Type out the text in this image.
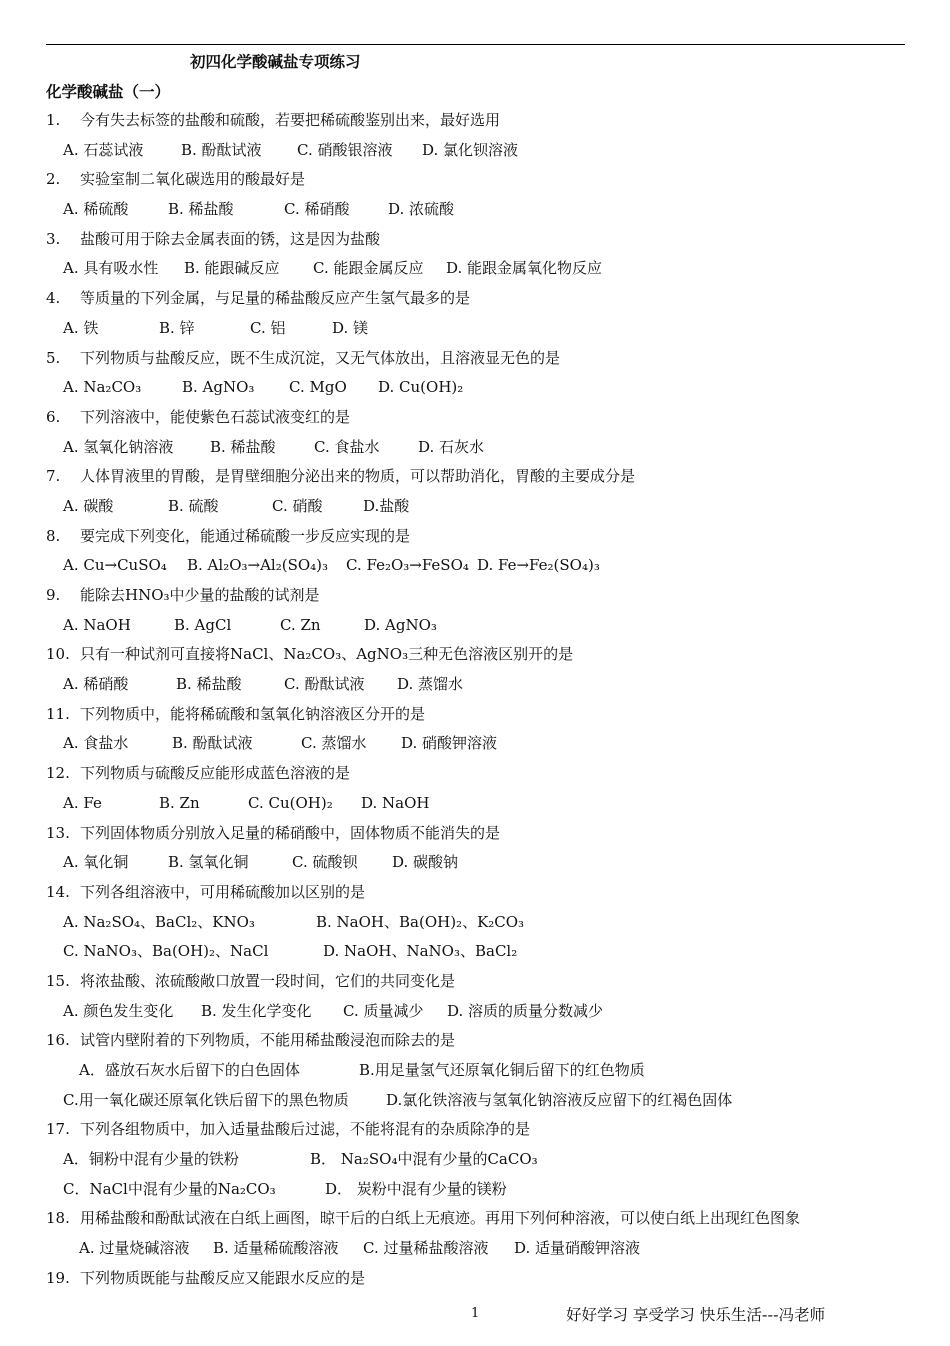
初四化学酸碱盐专项练习
化学酸碱盐（一）
1.	今有失去标签的盐酸和硫酸，若要把稀硫酸鉴别出来，最好选用
A. 石蕊试液	B. 酚酞试液 C. 硝酸银溶液 D. 氯化钡溶液
2.	实验室制二氧化碳选用的酸最好是
A. 稀硫酸	B. 稀盐酸	C. 稀硝酸	D. 浓硫酸
3.	盐酸可用于除去金属表面的锈，这是因为盐酸
A. 具有吸水性 B. 能跟碱反应 C. 能跟金属反应 D. 能跟金属氧化物反应
4.	等质量的下列金属，与足量的稀盐酸反应产生氢气最多的是
A. 铁	B. 锌	C. 铝	D. 镁
5.	下列物质与盐酸反应，既不生成沉淀，又无气体放出，且溶液显无色的是
A. Na₂CO₃	B. AgNO₃ C. MgO D. Cu(OH)₂
6.	下列溶液中，能使紫色石蕊试液变红的是
A. 氢氧化钠溶液 B. 稀盐酸	C. 食盐水	D. 石灰水
7.	人体胃液里的胃酸，是胃壁细胞分泌出来的物质，可以帮助消化，胃酸的主要成分是
A. 碳酸	B. 硫酸	C. 硝酸	D.盐酸
8.	要完成下列变化，能通过稀硫酸一步反应实现的是
A. Cu→CuSO₄ B. Al₂O₃→Al₂(SO₄)₃ C. Fe₂O₃→FeSO₄ D. Fe→Fe₂(SO₄)₃
9.	能除去HNO₃中少量的盐酸的试剂是
A. NaOH	B. AgCl	C. Zn	D. AgNO₃
10. 只有一种试剂可直接将NaCl、Na₂CO₃、AgNO₃三种无色溶液区别开的是
A. 稀硝酸	B. 稀盐酸	C. 酚酞试液 D. 蒸馏水
11. 下列物质中，能将稀硫酸和氢氧化钠溶液区分开的是
A. 食盐水	B. 酚酞试液	C. 蒸馏水 D. 硝酸钾溶液
12. 下列物质与硫酸反应能形成蓝色溶液的是
A. Fe	B. Zn	C. Cu(OH)₂ D. NaOH
13. 下列固体物质分别放入足量的稀硝酸中，固体物质不能消失的是
A. 氧化铜	B. 氢氧化铜	C. 硫酸钡 D. 碳酸钠
14. 下列各组溶液中，可用稀硫酸加以区别的是
A. Na₂SO₄、BaCl₂、KNO₃	B. NaOH、Ba(OH)₂、K₂CO₃
C. NaNO₃、Ba(OH)₂、NaCl	D. NaOH、NaNO₃、BaCl₂
15. 将浓盐酸、浓硫酸敞口放置一段时间，它们的共同变化是
A. 颜色发生变化 B. 发生化学变化 C. 质量减少 D. 溶质的质量分数减少
16. 试管内壁附着的下列物质，不能用稀盐酸浸泡而除去的是
A．盛放石灰水后留下的白色固体	B.用足量氢气还原氧化铜后留下的红色物质
C.用一氧化碳还原氧化铁后留下的黑色物质D.氯化铁溶液与氢氧化钠溶液反应留下的红褐色固体
17. 下列各组物质中，加入适量盐酸后过滤，不能将混有的杂质除净的是
A．铜粉中混有少量的铁粉	B． Na₂SO₄中混有少量的CaCO₃
C．NaCl中混有少量的Na₂CO₃	D． 炭粉中混有少量的镁粉
18. 用稀盐酸和酚酞试液在白纸上画图，晾干后的白纸上无痕迹。再用下列何种溶液，可以使白纸上出现红色图象
A. 过量烧碱溶液 B. 适量稀硫酸溶液 C. 过量稀盐酸溶液 D. 适量硝酸钾溶液
19. 下列物质既能与盐酸反应又能跟水反应的是
1	好好学习 享受学习 快乐生活---冯老师
